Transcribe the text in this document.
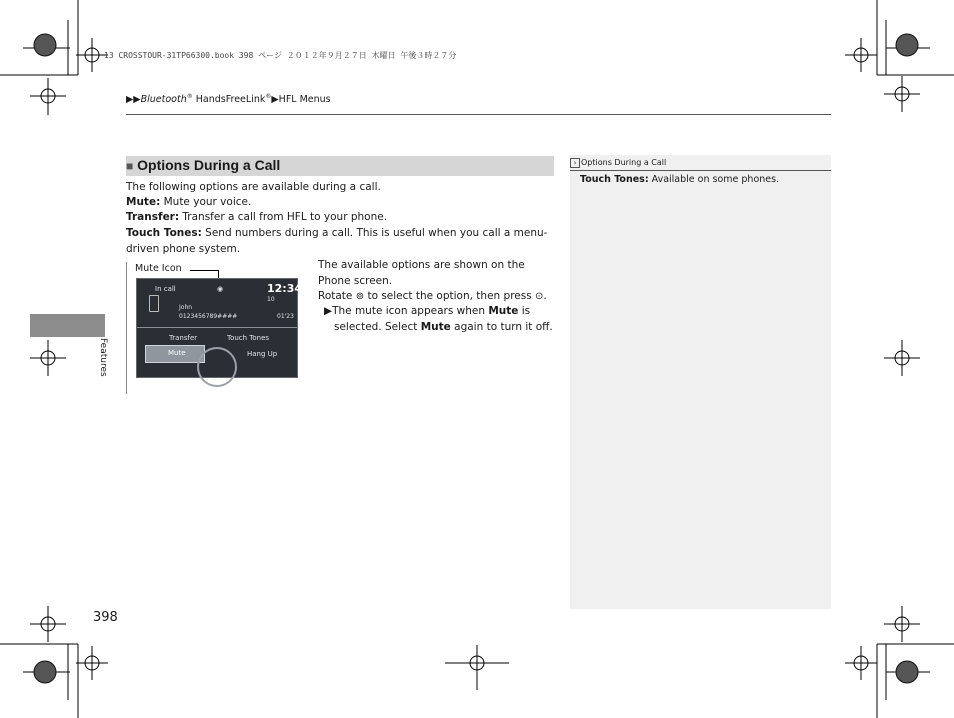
13 CROSSTOUR-31TP66300.book 398 ページ ２０１２年９月２７日 木曜日 午後３時２７分
▶▶Bluetooth® HandsFreeLink®▶HFL Menus
■ Options During a Call
The following options are available during a call.
Mute: Mute your voice.
Transfer: Transfer a call from HFL to your phone.
Touch Tones: Send numbers during a call. This is useful when you call a menu-driven phone system.
Mute Icon
In call	12:34
10
◉
John
0123456789####	01'23
Transfer	Touch Tones
Mute	Hang Up
The available options are shown on the Phone screen.
Rotate ⊚ to select the option, then press ⊙.
▶The mute icon appears when Mute is selected. Select Mute again to turn it off.
› Options During a Call
Touch Tones: Available on some phones.
Features
398
